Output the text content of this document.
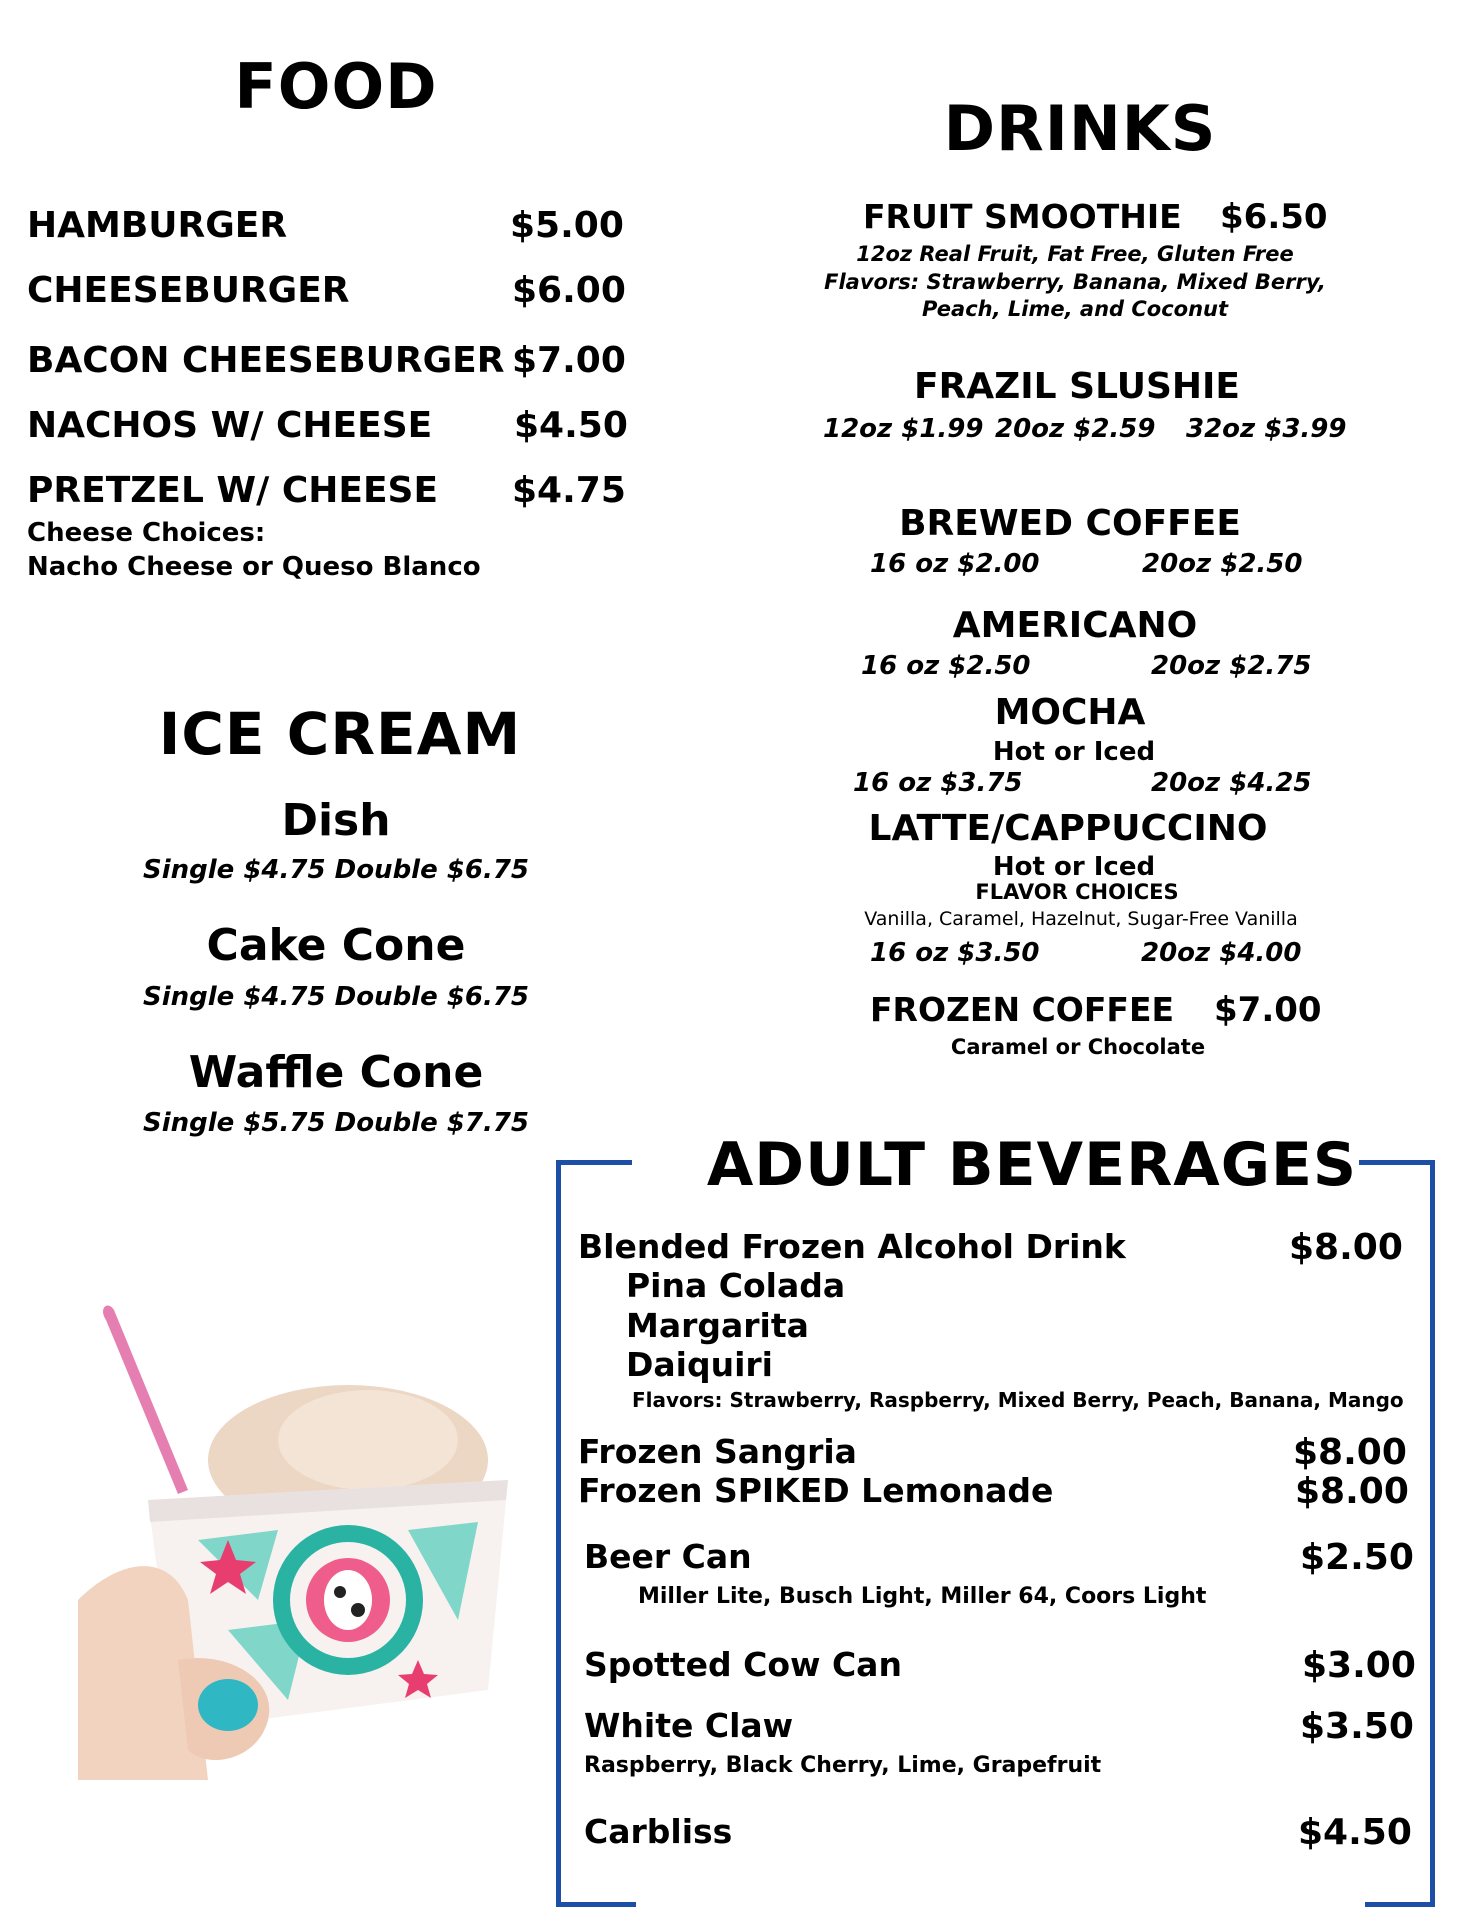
FOOD
HAMBURGER	$5.00
CHEESEBURGER	$6.00
BACON CHEESEBURGER $7.00
NACHOS W/ CHEESE $4.50
PRETZEL W/ CHEESE $4.75
Cheese Choices:
Nacho Cheese or Queso Blanco
ICE CREAM
Dish
Single $4.75 Double $6.75
Cake Cone
Single $4.75 Double $6.75
Waffle Cone
Single $5.75 Double $7.75
DRINKS
FRUIT SMOOTHIE $6.50
12oz Real Fruit, Fat Free, Gluten Free
Flavors: Strawberry, Banana, Mixed Berry,
Peach, Lime, and Coconut
FRAZIL SLUSHIE
12oz $1.99 20oz $2.59 32oz $3.99
BREWED COFFEE
16 oz $2.00	20oz $2.50
AMERICANO
16 oz $2.50	20oz $2.75
MOCHA
Hot or Iced
16 oz $3.75	20oz $4.25
LATTE/CAPPUCCINO
Hot or Iced
FLAVOR CHOICES
Vanilla, Caramel, Hazelnut, Sugar-Free Vanilla
16 oz $3.50	20oz $4.00
FROZEN COFFEE $7.00
Caramel or Chocolate
ADULT BEVERAGES
Blended Frozen Alcohol Drink	$8.00
Pina Colada
Margarita
Daiquiri
Flavors: Strawberry, Raspberry, Mixed Berry, Peach, Banana, Mango
Frozen Sangria	$8.00
Frozen SPIKED Lemonade	$8.00
Beer Can	$2.50
Miller Lite, Busch Light, Miller 64, Coors Light
Spotted Cow Can	$3.00
White Claw	$3.50
Raspberry, Black Cherry, Lime, Grapefruit
Carbliss	$4.50
